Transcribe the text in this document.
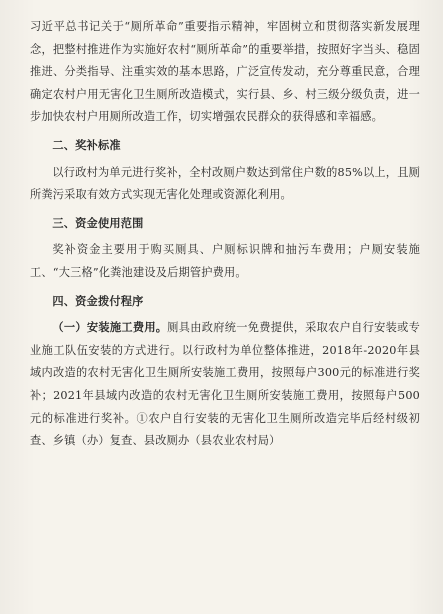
习近平总书记关于“厕所革命”重要指示精神，牢固树立和贯彻落实新发展理念，把整村推进作为实施好农村“厕所革命”的重要举措，按照好字当头、稳固推进、分类指导、注重实效的基本思路，广泛宣传发动，充分尊重民意，合理确定农村户用无害化卫生厕所改造模式，实行县、乡、村三级分级负责，进一步加快农村户用厕所改造工作，切实增强农民群众的获得感和幸福感。

二、奖补标准

以行政村为单元进行奖补，全村改厕户数达到常住户数的85%以上，且厕所粪污采取有效方式实现无害化处理或资源化利用。

三、资金使用范围

奖补资金主要用于购买厕具、户厕标识牌和抽污车费用；户厕安装施工、“大三格”化粪池建设及后期管护费用。

四、资金拨付程序

（一）安装施工费用。厕具由政府统一免费提供，采取农户自行安装或专业施工队伍安装的方式进行。以行政村为单位整体推进，2018年-2020年县域内改造的农村无害化卫生厕所安装施工费用，按照每户300元的标准进行奖补；2021年县域内改造的农村无害化卫生厕所安装施工费用，按照每户500元的标准进行奖补。①农户自行安装的无害化卫生厕所改造完毕后经村级初查、乡镇（办）复查、县改厕办（县农业农村局）
